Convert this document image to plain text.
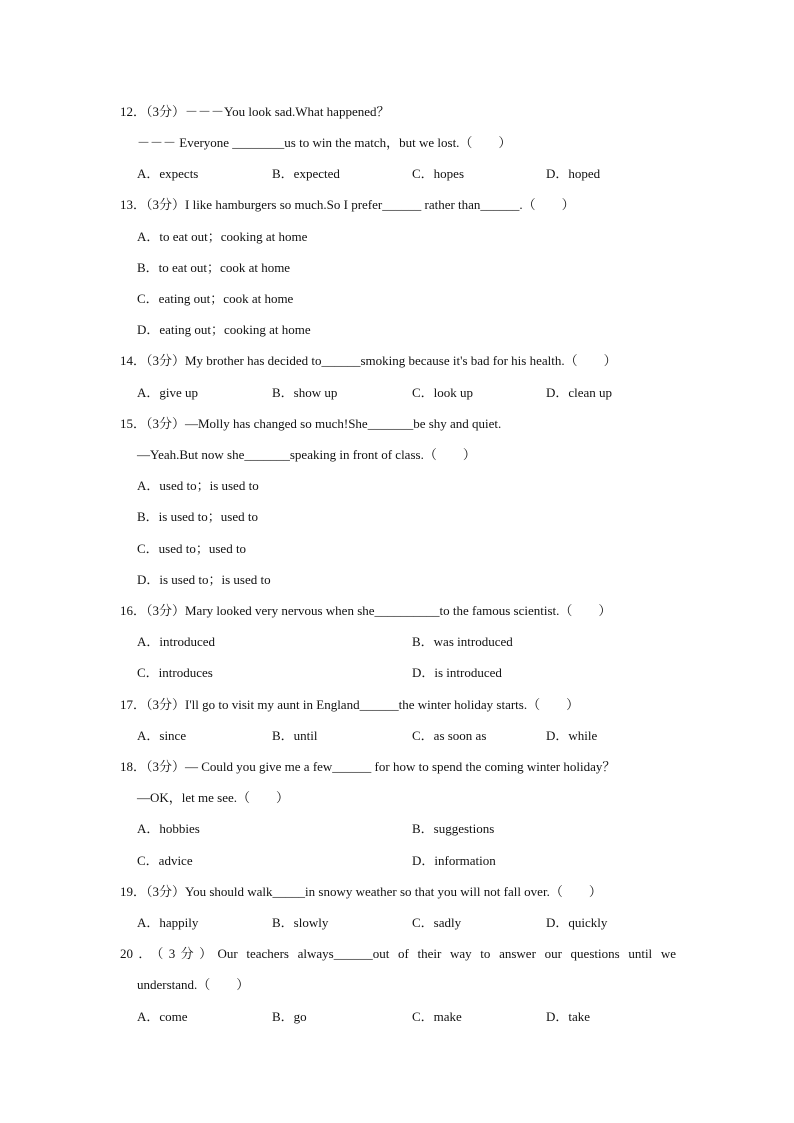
12．（3分）－－－You look sad.What happened？
－－－ Everyone ________us to win the match，but we lost.（　　）
A．expects	B．expected	C．hopes	D．hoped
13．（3分）I like hamburgers so much.So I prefer______ rather than______.（　　）
A．to eat out；cooking at home
B．to eat out；cook at home
C．eating out；cook at home
D．eating out；cooking at home
14．（3分）My brother has decided to______smoking because it's bad for his health.（　　）
A．give up	B．show up	C．look up	D．clean up
15．（3分）—Molly has changed so much!She_______be shy and quiet.
—Yeah.But now she_______speaking in front of class.（　　）
A．used to；is used to
B．is used to；used to
C．used to；used to
D．is used to；is used to
16．（3分）Mary looked very nervous when she__________to the famous scientist.（　　）
A．introduced	B．was introduced
C．introduces	D．is introduced
17．（3分）I'll go to visit my aunt in England______the winter holiday starts.（　　）
A．since	B．until	C．as soon as	D．while
18．（3分）— Could you give me a few______ for how to spend the coming winter holiday？
—OK，let me see.（　　）
A．hobbies	B．suggestions
C．advice	D．information
19．（3分）You should walk_____in snowy weather so that you will not fall over.（　　）
A．happily	B．slowly	C．sadly	D．quickly
20．（3分）Our teachers always______out of their way to answer our questions until we
understand.（　　）
A．come	B．go	C．make	D．take
